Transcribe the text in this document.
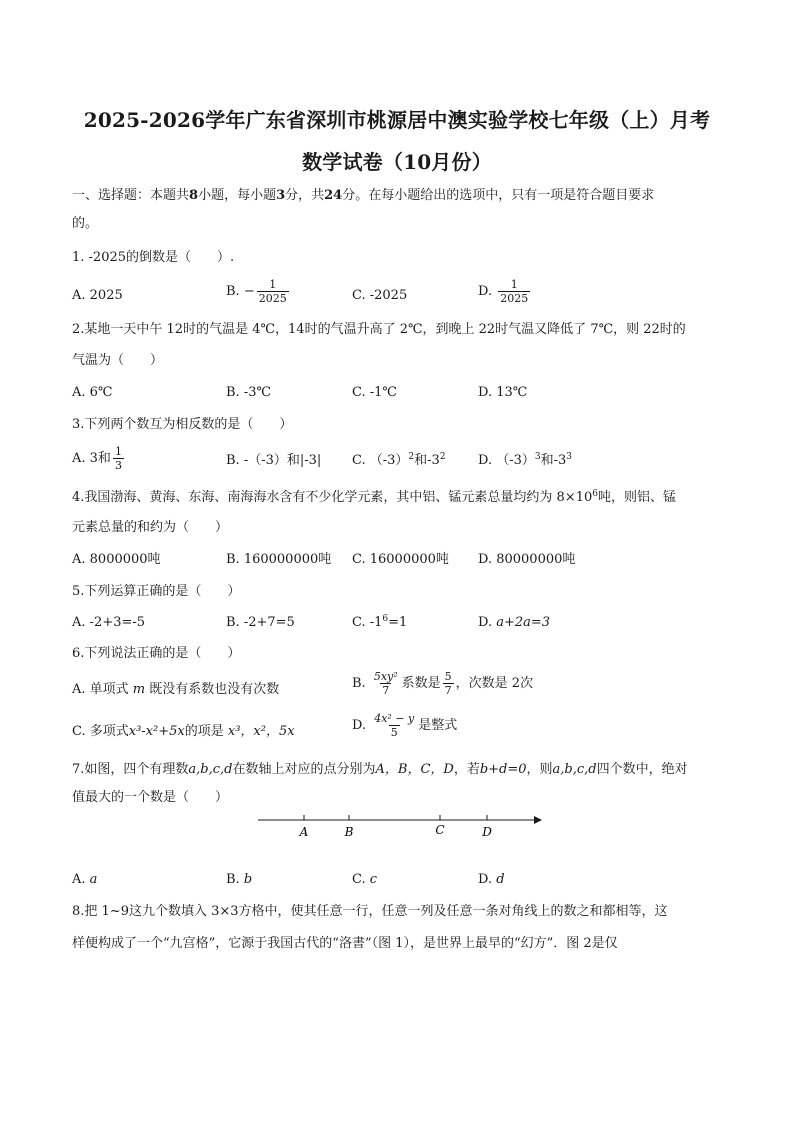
2025-2026学年广东省深圳市桃源居中澳实验学校七年级（上）月考
数学试卷（10月份）
一、选择题：本题共8小题，每小题3分，共24分。在每小题给出的选项中，只有一项是符合题目要求
的。
1. -2025的倒数是（　　）.
A. 2025	B. − $\frac{1}{2025}$	C. -2025	D. $\frac{1}{2025}$
2.某地一天中午 12时的气温是 4℃，14时的气温升高了 2℃，到晚上 22时气温又降低了 7℃，则 22时的
气温为（　　）
A. 6℃	B. -3℃	C. -1℃	D. 13℃
3.下列两个数互为相反数的是（　　）
A. 3和 $\frac{1}{3}$	B. -（-3）和|-3| C. $(-3)^2$和$-3^2$ D. $(-3)^3$和$-3^3$
4.我国渤海、黄海、东海、南海海水含有不少化学元素，其中铝、锰元素总量均约为 $8\times 10^6$吨，则铝、锰
元素总量的和约为（　　）
A. 8000000吨	B. 160000000吨 C. 16000000吨 D. 80000000吨
5.下列运算正确的是（　　）
A. -2+3=-5	B. -2+7=5	C. $-1^6=1$	D. a+2a=3
6.下列说法正确的是（　　）
A. 单项式 m 既没有系数也没有次数	B. $\frac{\text{5xy²}}{7}$ 系数是 $\frac{5}{7}$ ，次数是 2次
C. 多项式x³-x²+5x的项是 x³，x²，5x	D. $\frac{\text{4x² − y}}{5}$ 是整式
7.如图，四个有理数a,b,c,d在数轴上对应的点分别为A，B，C，D，若b+d=0，则a,b,c,d四个数中，绝对
值最大的一个数是（　　）
A	B	C	D
A. a	B. b	C. c	D. d
8.把 1~9这九个数填入 3×3方格中，使其任意一行，任意一列及任意一条对角线上的数之和都相等，这
样便构成了一个“九宫格”，它源于我国古代的“洛書”（图 1），是世界上最早的“幻方”．图 2是仅
